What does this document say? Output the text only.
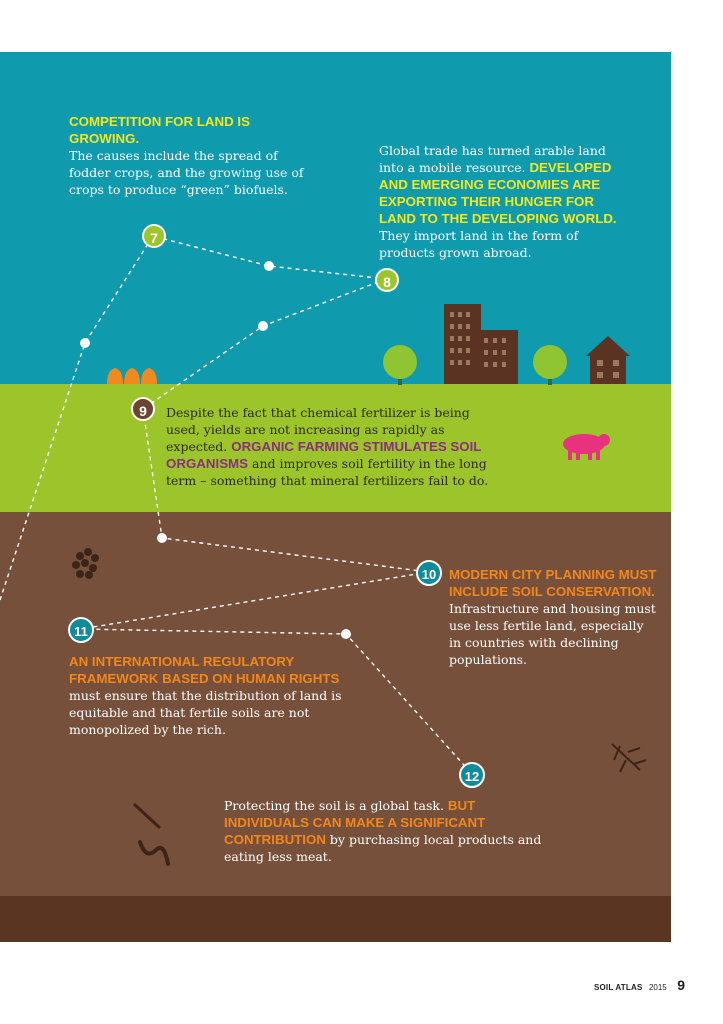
7
8
9
10
11
12
COMPETITION FOR LAND IS GROWING.
The causes include the spread of fodder crops, and the growing use of crops to produce “green” biofuels.
Global trade has turned arable land into a mobile resource. DEVELOPED AND EMERGING ECONOMIES ARE EXPORTING THEIR HUNGER FOR LAND TO THE DEVELOPING WORLD. They import land in the form of products grown abroad.
Despite the fact that chemical fertilizer is being used, yields are not increasing as rapidly as expected. ORGANIC FARMING STIMULATES SOIL ORGANISMS and improves soil fertility in the long term – something that mineral fertilizers fail to do.
MODERN CITY PLANNING MUST INCLUDE SOIL CONSERVATION.
Infrastructure and housing must use less fertile land, especially in countries with declining populations.
AN INTERNATIONAL REGULATORY FRAMEWORK BASED ON HUMAN RIGHTS must ensure that the distribution of land is equitable and that fertile soils are not monopolized by the rich.
Protecting the soil is a global task. BUT INDIVIDUALS CAN MAKE A SIGNIFICANT CONTRIBUTION by purchasing local products and eating less meat.
SOIL ATLAS 2015 9
